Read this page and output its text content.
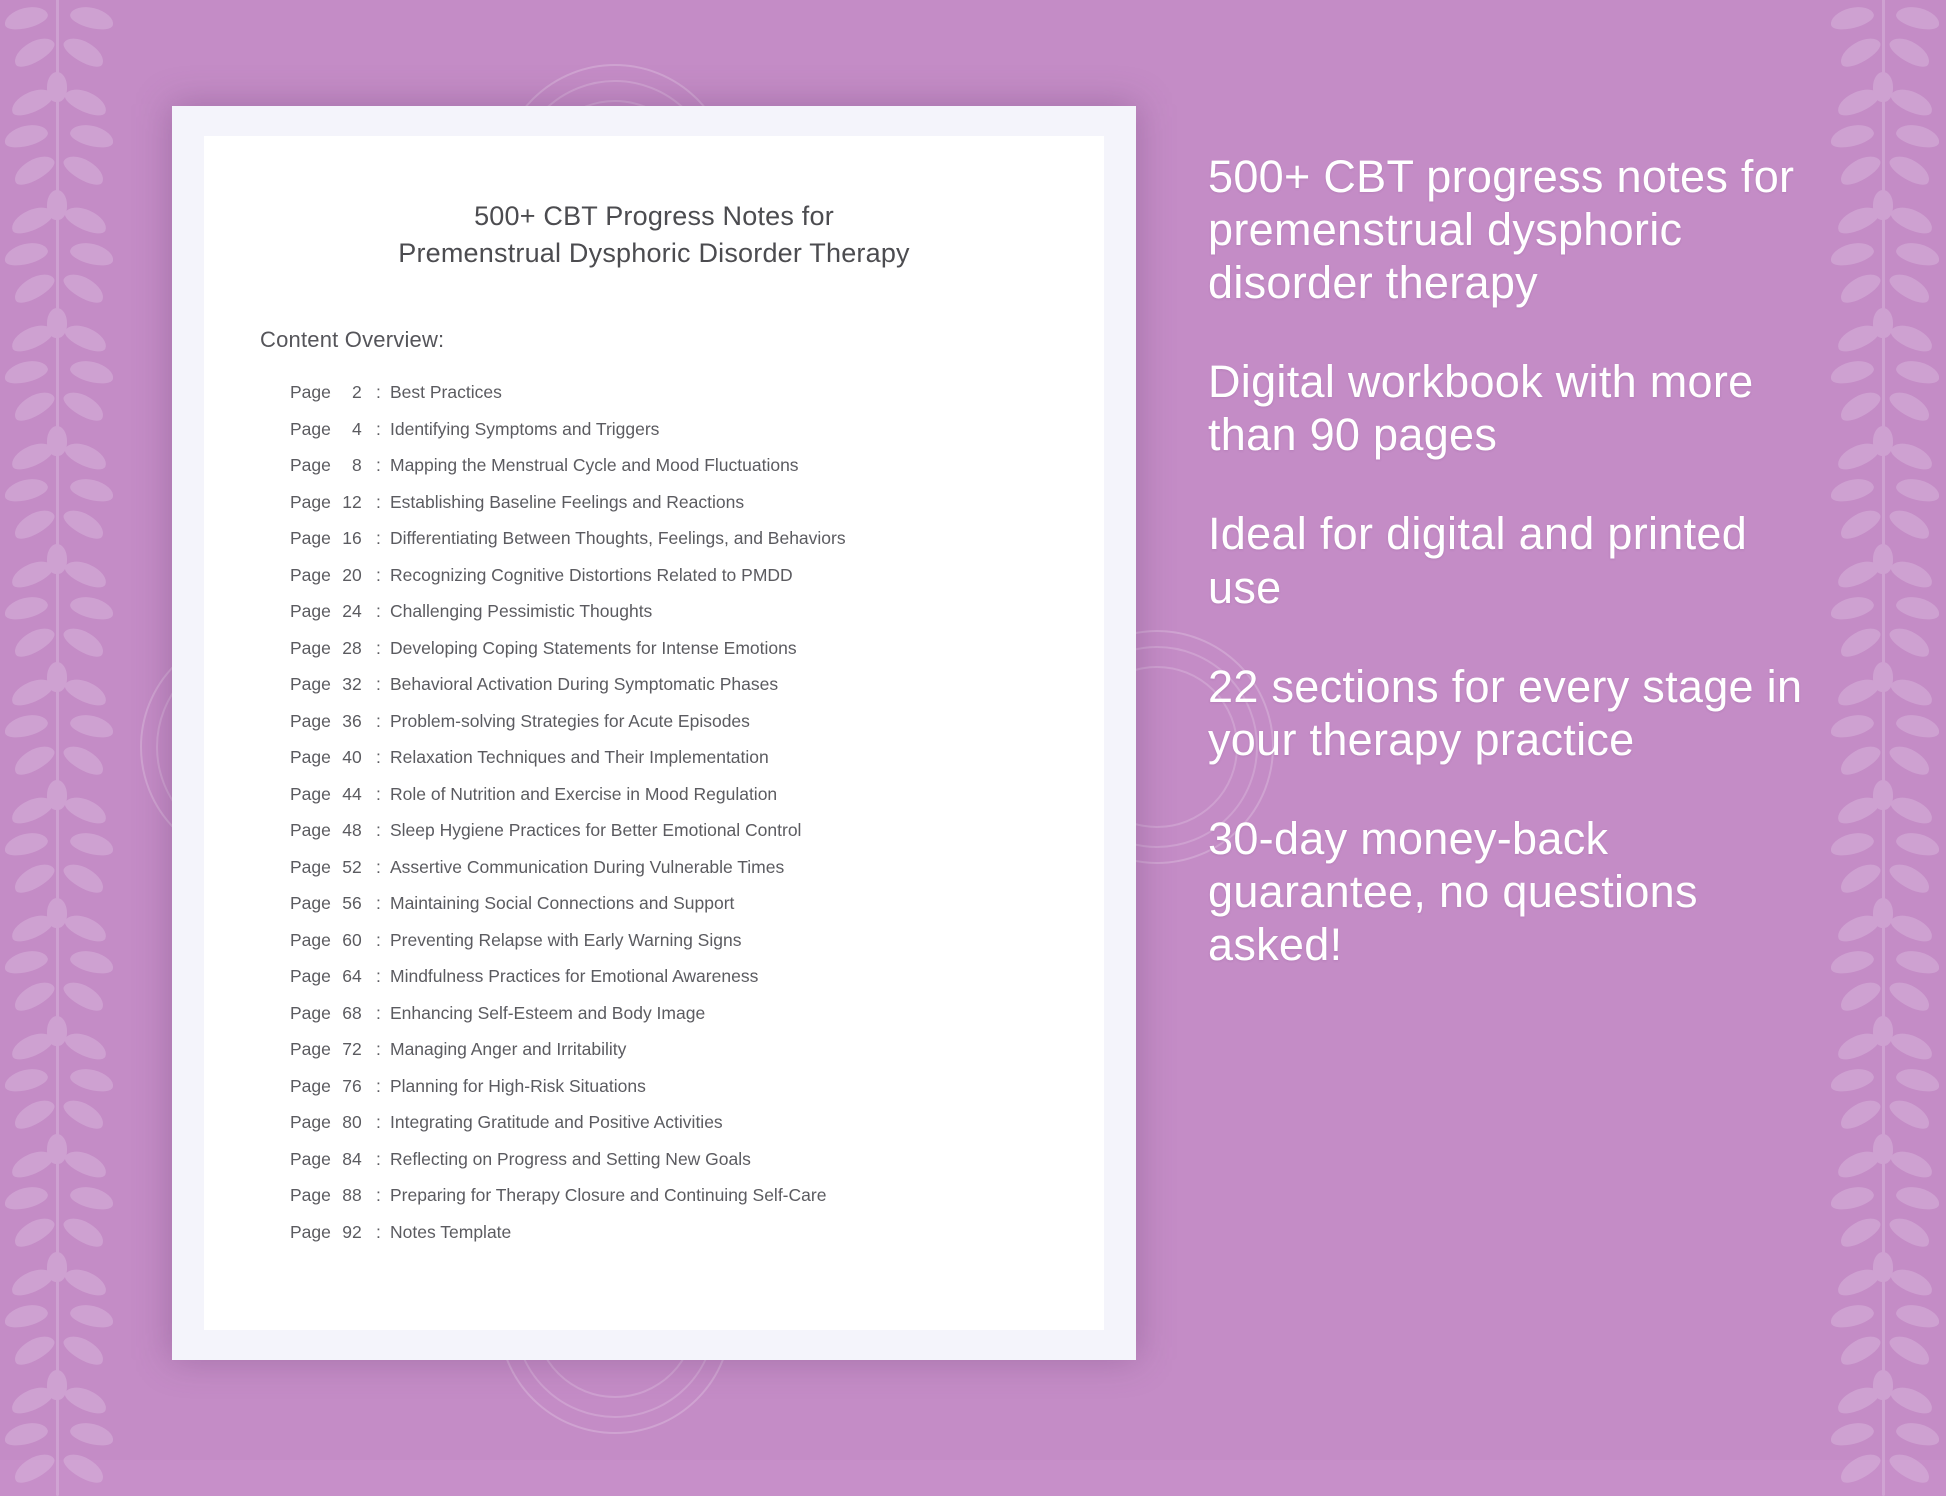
500+ CBT Progress Notes for
Premenstrual Dysphoric Disorder Therapy
Content Overview:
Page 2 : Best Practices
Page 4 : Identifying Symptoms and Triggers
Page 8 : Mapping the Menstrual Cycle and Mood Fluctuations
Page 12 : Establishing Baseline Feelings and Reactions
Page 16 : Differentiating Between Thoughts, Feelings, and Behaviors
Page 20 : Recognizing Cognitive Distortions Related to PMDD
Page 24 : Challenging Pessimistic Thoughts
Page 28 : Developing Coping Statements for Intense Emotions
Page 32 : Behavioral Activation During Symptomatic Phases
Page 36 : Problem-solving Strategies for Acute Episodes
Page 40 : Relaxation Techniques and Their Implementation
Page 44 : Role of Nutrition and Exercise in Mood Regulation
Page 48 : Sleep Hygiene Practices for Better Emotional Control
Page 52 : Assertive Communication During Vulnerable Times
Page 56 : Maintaining Social Connections and Support
Page 60 : Preventing Relapse with Early Warning Signs
Page 64 : Mindfulness Practices for Emotional Awareness
Page 68 : Enhancing Self-Esteem and Body Image
Page 72 : Managing Anger and Irritability
Page 76 : Planning for High-Risk Situations
Page 80 : Integrating Gratitude and Positive Activities
Page 84 : Reflecting on Progress and Setting New Goals
Page 88 : Preparing for Therapy Closure and Continuing Self-Care
Page 92 : Notes Template
500+ CBT progress notes for premenstrual dysphoric disorder therapy
Digital workbook with more than 90 pages
Ideal for digital and printed use
22 sections for every stage in your therapy practice
30-day money-back guarantee, no questions asked!
